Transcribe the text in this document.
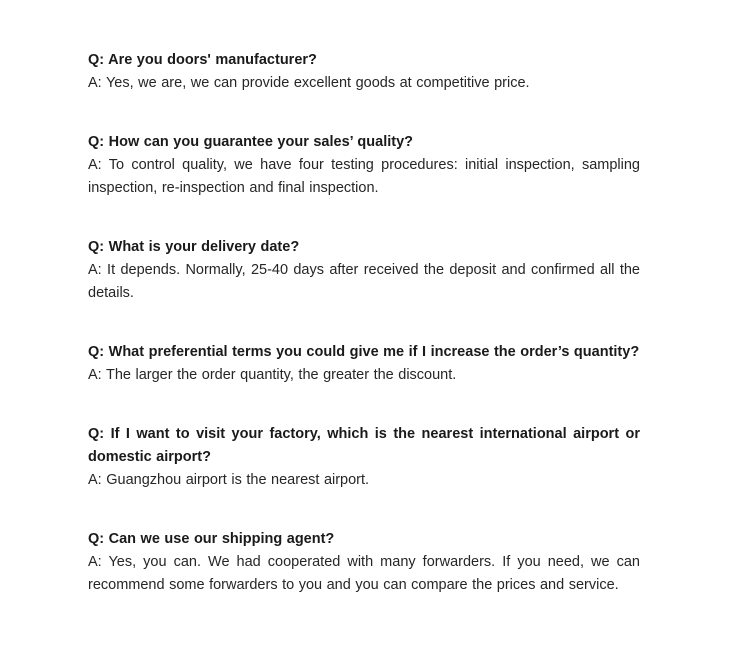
Q: Are you doors' manufacturer?

A: Yes, we are, we can provide excellent goods at competitive price.

Q: How can you guarantee your sales’ quality?

A: To control quality, we have four testing procedures: initial inspection, sampling inspection, re-inspection and final inspection.

Q: What is your delivery date?

A: It depends. Normally, 25-40 days after received the deposit and confirmed all the details.

Q: What preferential terms you could give me if I increase the order’s quantity?

A: The larger the order quantity, the greater the discount.

Q: If I want to visit your factory, which is the nearest international airport or domestic airport?

A: Guangzhou airport is the nearest airport.

Q: Can we use our shipping agent?

A: Yes, you can. We had cooperated with many forwarders. If you need, we can recommend some forwarders to you and you can compare the prices and service.
